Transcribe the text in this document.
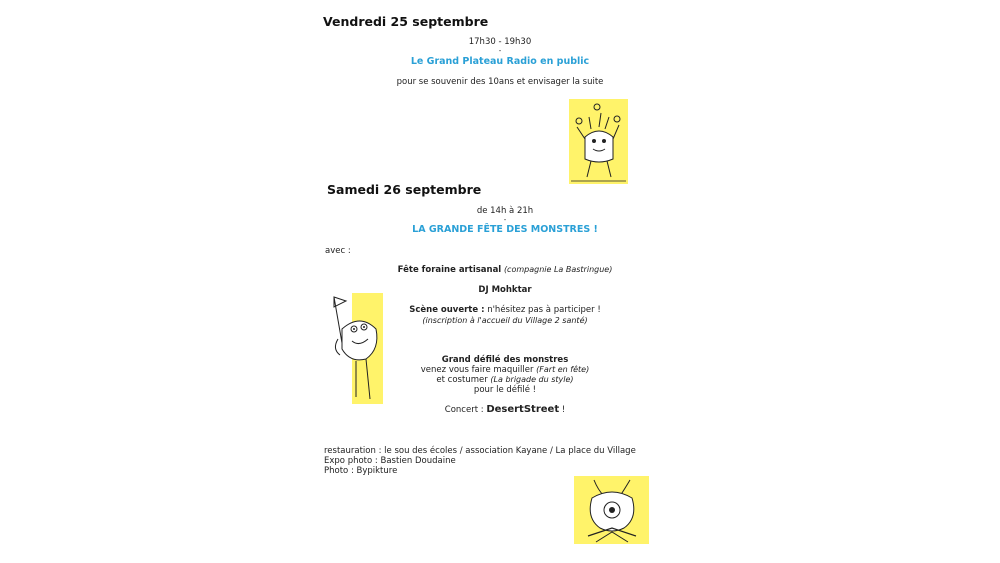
Vendredi 25 septembre
17h30 - 19h30
-
Le Grand Plateau Radio en public
pour se souvenir des 10ans et envisager la suite
Samedi 26 septembre
de 14h à 21h
-
LA GRANDE FÊTE DES MONSTRES !
avec :
Fête foraine artisanal (compagnie La Bastringue)
DJ Mohktar
Scène ouverte : n'hésitez pas à participer !
(inscription à l'accueil du Village 2 santé)
Grand défilé des monstres
venez vous faire maquiller (Fart en fête)
et costumer (La brigade du style)
pour le défilé !
Concert : DesertStreet !
restauration : le sou des écoles / association Kayane / La place du Village
Expo photo : Bastien Doudaine
Photo : Bypikture
